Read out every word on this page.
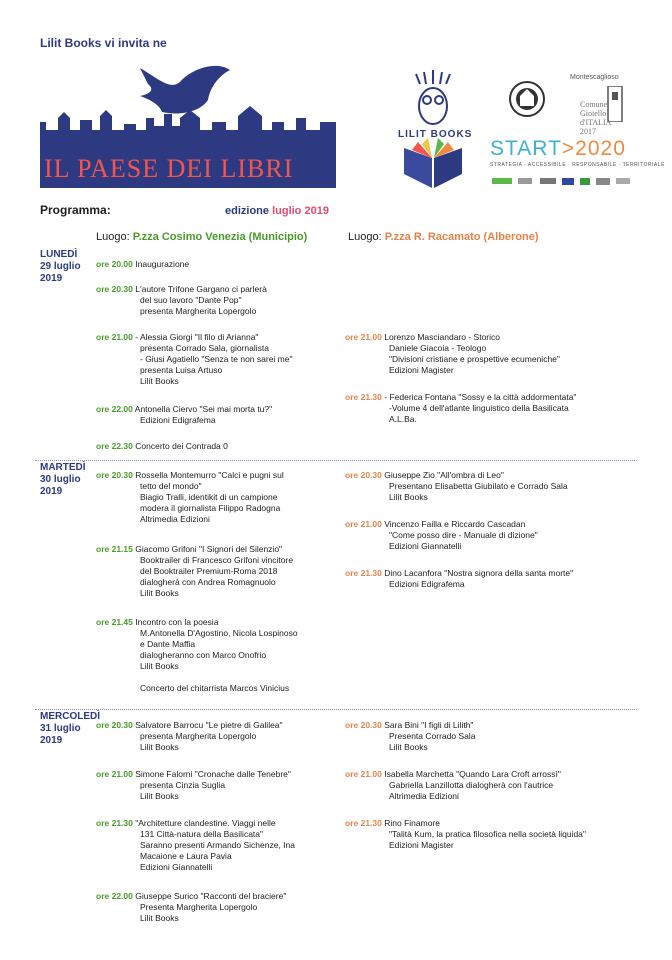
Lilit Books vi invita ne
IL PAESE DEI LIBRI
LILIT BOOKS
Montescaglioso
Comune
Gioiello
d'ITALIA
2017
START>2020
STRATEGIA · ACCESSIBILE · RESPONSABILE · TERRITORIALE
Programma:	edizione luglio 2019
Luogo: P.zza Cosimo Venezia (Municipio)	Luogo: P.zza R. Racamato (Alberone)
LUNEDÌ
29 luglio
2019
MARTEDÌ
30 luglio
2019
MERCOLEDÌ
31 luglio
2019
ore 20.00 Inaugurazione
ore 20.30 L'autore Trifone Gargano ci parlerà
del suo lavoro "Dante Pop"
presenta Margherita Lopergolo
ore 21.00 - Alessia Giorgi "Il filo di Arianna"
presenta Corrado Sala, giornalista
- Giusi Agatiello "Senza te non sarei me"
presenta Luisa Artuso
Lilit Books
ore 22.00 Antonella Ciervo "Sei mai morta tu?"
Edizioni Edigrafema
ore 22.30 Concerto dei Contrada 0
ore 20.30 Rossella Montemurro "Calci e pugni sul
tetto del mondo"
Biagio Tralli, identikit di un campione
modera il giornalista Filippo Radogna
Altrimedia Edizioni
ore 21.15 Giacomo Grifoni "I Signori del Silenzio"
Booktrailer di Francesco Grifoni vincitore
del Booktrailer Premium-Roma 2018
dialogherà con Andrea Romagnuolo
Lilit Books
ore 21.45 Incontro con la poesia
M.Antonella D'Agostino, Nicola Lospinoso
e Dante Maffia
dialogheranno con Marco Onofrio
Lilit Books

Concerto del chitarrista Marcos Vinicius
ore 20.30 Salvatore Barrocu "Le pietre di Galilea"
presenta Margherita Lopergolo
Lilit Books
ore 21.00 Simone Falorni "Cronache dalle Tenebre"
presenta Cinzia Suglia
Lilit Books
ore 21.30 "Architetture clandestine. Viaggi nelle
131 Città-natura della Basilicata"
Saranno presenti Armando Sichenze, Ina
Macaione e Laura Pavia
Edizioni Giannatelli
ore 22.00 Giuseppe Surico "Racconti del braciere"
Presenta Margherita Lopergolo
Lilit Books
ore 21.00 Lorenzo Masciandaro - Storico
Daniele Giacoia - Teologo
"Divisioni cristiane e prospettive ecumeniche"
Edizioni Magister
ore 21.30 - Federica Fontana "Sossy e la città addormentata"
-Volume 4 dell'atlante linguistico della Basilicata
A.L.Ba.
ore 20.30 Giuseppe Zio "All'ombra di Leo"
Presentano Elisabetta Giubilato e Corrado Sala
Lilit Books
ore 21.00 Vincenzo Failla e Riccardo Cascadan
"Come posso dire - Manuale di dizione"
Edizioni Giannatelli
ore 21.30 Dino Lacanfora "Nostra signora della santa morte"
Edizioni Edigrafema
ore 20.30 Sara Bini "I figli di Lilith"
Presenta Corrado Sala
Lilit Books
ore 21.00 Isabella Marchetta "Quando Lara Croft arrossì"
Gabriella Lanzillotta dialogherà con l'autrice
Altrimedia Edizioni
ore 21.30 Rino Finamore
"Talità Kum, la pratica filosofica nella società liquida"
Edizioni Magister
